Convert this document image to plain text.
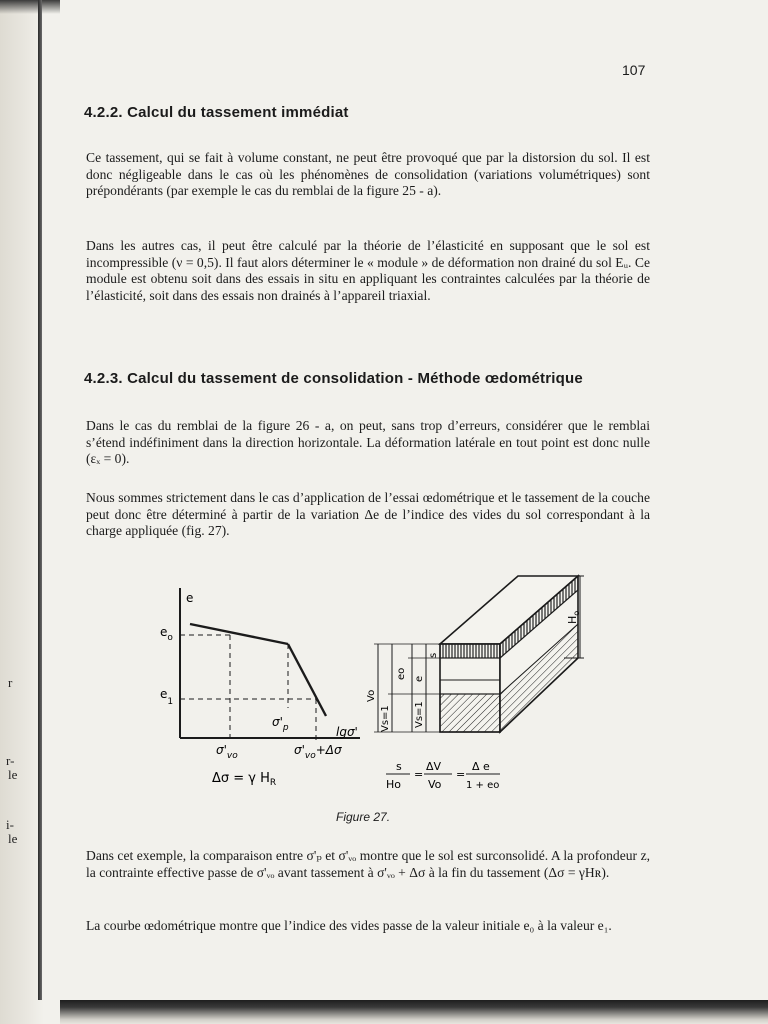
r
r-
le
i-
le
107
4.2.2. Calcul du tassement immédiat
Ce tassement, qui se fait à volume constant, ne peut être provoqué que par la distorsion du sol. Il est donc négligeable dans le cas où les phénomènes de consolidation (variations volumétriques) sont prépondérants (par exemple le cas du remblai de la figure 25 - a).
Dans les autres cas, il peut être calculé par la théorie de l’élasticité en supposant que le sol est incompressible (ν = 0,5). Il faut alors déterminer le « module » de déformation non drainé du sol Eᵤ. Ce module est obtenu soit dans des essais in situ en appliquant les contraintes calculées par la théorie de l’élasticité, soit dans des essais non drainés à l’appareil triaxial.
4.2.3. Calcul du tassement de consolidation - Méthode œdométrique
Dans le cas du remblai de la figure 26 - a, on peut, sans trop d’erreurs, considérer que le remblai s’étend indéfiniment dans la direction horizontale. La déformation latérale en tout point est donc nulle (εₓ = 0).
Nous sommes strictement dans le cas d’application de l’essai œdométrique et le tassement de la couche peut donc être déterminé à partir de la variation Δe de l’indice des vides du sol correspondant à la charge appliquée (fig. 27).
e
$e_o$
$e_1$
$\sigma'_p$	lgσ'
$\sigma'_{vo}$	$\sigma'_{vo}+\Delta\sigma$
Δσ = γ $H_R$
$H_o$
Vo
Vs=1
eo
Vs=1
e
s
s
Ho
=
ΔV
Vo
=
Δ e
1 + eo
Figure 27.
Dans cet exemple, la comparaison entre σ'ₚ et σ'ᵥₒ montre que le sol est surconsolidé. A la profondeur z, la contrainte effective passe de σ'ᵥₒ avant tassement à σ'ᵥₒ + Δσ à la fin du tassement (Δσ = γHʀ).
La courbe œdométrique montre que l’indice des vides passe de la valeur initiale e₀ à la valeur e₁.
